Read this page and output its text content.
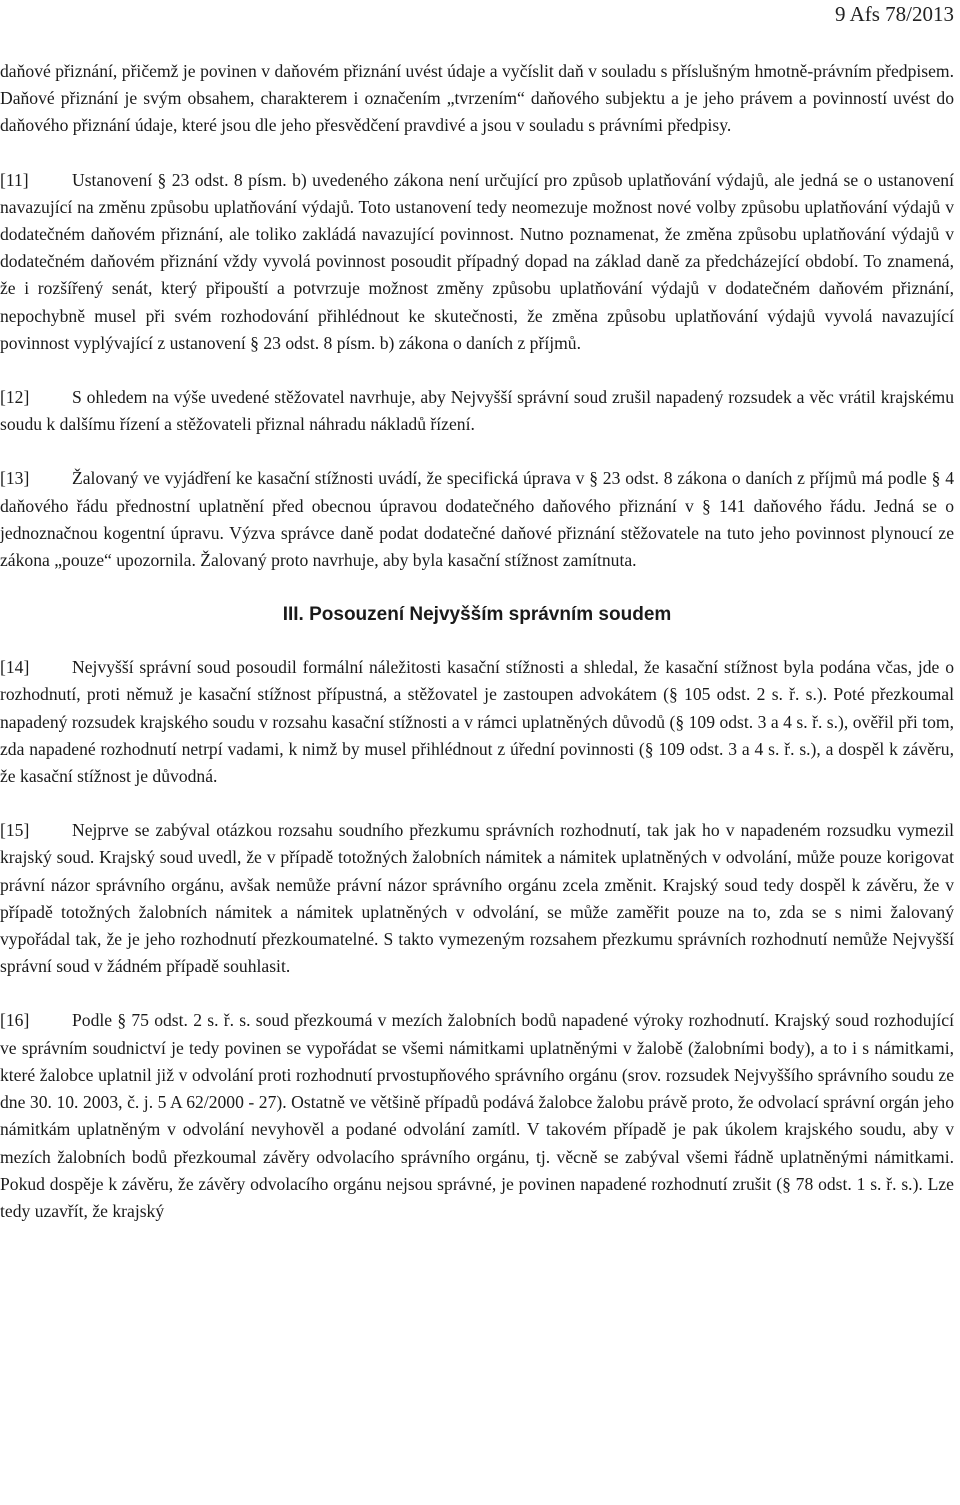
9 Afs 78/2013

daňové přiznání, přičemž je povinen v daňovém přiznání uvést údaje a vyčíslit daň v souladu s příslušným hmotně-právním předpisem. Daňové přiznání je svým obsahem, charakterem i označením „tvrzením“ daňového subjektu a je jeho právem a povinností uvést do daňového přiznání údaje, které jsou dle jeho přesvědčení pravdivé a jsou v souladu s právními předpisy.

[11] Ustanovení § 23 odst. 8 písm. b) uvedeného zákona není určující pro způsob uplatňování výdajů, ale jedná se o ustanovení navazující na změnu způsobu uplatňování výdajů. Toto ustanovení tedy neomezuje možnost nové volby způsobu uplatňování výdajů v dodatečném daňovém přiznání, ale toliko zakládá navazující povinnost. Nutno poznamenat, že změna způsobu uplatňování výdajů v dodatečném daňovém přiznání vždy vyvolá povinnost posoudit případný dopad na základ daně za předcházející období. To znamená, že i rozšířený senát, který připouští a potvrzuje možnost změny způsobu uplatňování výdajů v dodatečném daňovém přiznání, nepochybně musel při svém rozhodování přihlédnout ke skutečnosti, že změna způsobu uplatňování výdajů vyvolá navazující povinnost vyplývající z ustanovení § 23 odst. 8 písm. b) zákona o daních z příjmů.

[12] S ohledem na výše uvedené stěžovatel navrhuje, aby Nejvyšší správní soud zrušil napadený rozsudek a věc vrátil krajskému soudu k dalšímu řízení a stěžovateli přiznal náhradu nákladů řízení.

[13] Žalovaný ve vyjádření ke kasační stížnosti uvádí, že specifická úprava v § 23 odst. 8 zákona o daních z příjmů má podle § 4 daňového řádu přednostní uplatnění před obecnou úpravou dodatečného daňového přiznání v § 141 daňového řádu. Jedná se o jednoznačnou kogentní úpravu. Výzva správce daně podat dodatečné daňové přiznání stěžovatele na tuto jeho povinnost plynoucí ze zákona „pouze“ upozornila. Žalovaný proto navrhuje, aby byla kasační stížnost zamítnuta.

III. Posouzení Nejvyšším správním soudem

[14] Nejvyšší správní soud posoudil formální náležitosti kasační stížnosti a shledal, že kasační stížnost byla podána včas, jde o rozhodnutí, proti němuž je kasační stížnost přípustná, a stěžovatel je zastoupen advokátem (§ 105 odst. 2 s. ř. s.). Poté přezkoumal napadený rozsudek krajského soudu v rozsahu kasační stížnosti a v rámci uplatněných důvodů (§ 109 odst. 3 a 4 s. ř. s.), ověřil při tom, zda napadené rozhodnutí netrpí vadami, k nimž by musel přihlédnout z úřední povinnosti (§ 109 odst. 3 a 4 s. ř. s.), a dospěl k závěru, že kasační stížnost je důvodná.

[15] Nejprve se zabýval otázkou rozsahu soudního přezkumu správních rozhodnutí, tak jak ho v napadeném rozsudku vymezil krajský soud. Krajský soud uvedl, že v případě totožných žalobních námitek a námitek uplatněných v odvolání, může pouze korigovat právní názor správního orgánu, avšak nemůže právní názor správního orgánu zcela změnit. Krajský soud tedy dospěl k závěru, že v případě totožných žalobních námitek a námitek uplatněných v odvolání, se může zaměřit pouze na to, zda se s nimi žalovaný vypořádal tak, že je jeho rozhodnutí přezkoumatelné. S takto vymezeným rozsahem přezkumu správních rozhodnutí nemůže Nejvyšší správní soud v žádném případě souhlasit.

[16] Podle § 75 odst. 2 s. ř. s. soud přezkoumá v mezích žalobních bodů napadené výroky rozhodnutí. Krajský soud rozhodující ve správním soudnictví je tedy povinen se vypořádat se všemi námitkami uplatněnými v žalobě (žalobními body), a to i s námitkami, které žalobce uplatnil již v odvolání proti rozhodnutí prvostupňového správního orgánu (srov. rozsudek Nejvyššího správního soudu ze dne 30. 10. 2003, č. j. 5 A 62/2000 - 27). Ostatně ve většině případů podává žalobce žalobu právě proto, že odvolací správní orgán jeho námitkám uplatněným v odvolání nevyhověl a podané odvolání zamítl. V takovém případě je pak úkolem krajského soudu, aby v mezích žalobních bodů přezkoumal závěry odvolacího správního orgánu, tj. věcně se zabýval všemi řádně uplatněnými námitkami. Pokud dospěje k závěru, že závěry odvolacího orgánu nejsou správné, je povinen napadené rozhodnutí zrušit (§ 78 odst. 1 s. ř. s.). Lze tedy uzavřít, že krajský
